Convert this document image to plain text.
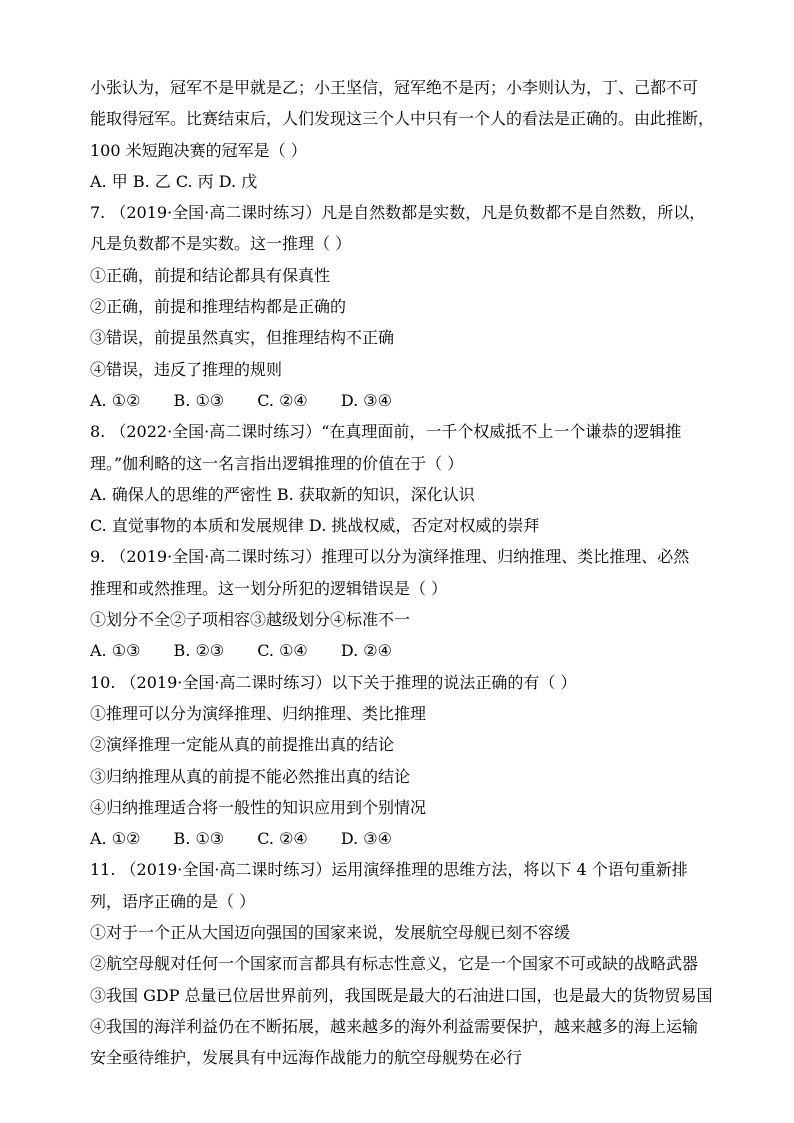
小张认为，冠军不是甲就是乙；小王坚信，冠军绝不是丙；小李则认为，丁、己都不可
能取得冠军。比赛结束后，人们发现这三个人中只有一个人的看法是正确的。由此推断，
100 米短跑决赛的冠军是（ ）
A. 甲 B. 乙 C. 丙 D. 戊
7. （2019·全国·高二课时练习）凡是自然数都是实数，凡是负数都不是自然数，所以，
凡是负数都不是实数。这一推理（ ）
①正确，前提和结论都具有保真性
②正确，前提和推理结构都是正确的
③错误，前提虽然真实，但推理结构不正确
④错误，违反了推理的规则
A. ①② B. ①③ C. ②④ D. ③④
8. （2022·全国·高二课时练习）“在真理面前，一千个权威抵不上一个谦恭的逻辑推
理。”伽利略的这一名言指出逻辑推理的价值在于（ ）
A. 确保人的思维的严密性 B. 获取新的知识，深化认识
C. 直觉事物的本质和发展规律 D. 挑战权威，否定对权威的崇拜
9. （2019·全国·高二课时练习）推理可以分为演绎推理、归纳推理、类比推理、必然
推理和或然推理。这一划分所犯的逻辑错误是（ ）
①划分不全②子项相容③越级划分④标准不一
A. ①③ B. ②③ C. ①④ D. ②④
10. （2019·全国·高二课时练习）以下关于推理的说法正确的有（ ）
①推理可以分为演绎推理、归纳推理、类比推理
②演绎推理一定能从真的前提推出真的结论
③归纳推理从真的前提不能必然推出真的结论
④归纳推理适合将一般性的知识应用到个别情况
A. ①② B. ①③ C. ②④ D. ③④
11. （2019·全国·高二课时练习）运用演绎推理的思维方法，将以下 4 个语句重新排
列，语序正确的是（ ）
①对于一个正从大国迈向强国的国家来说，发展航空母舰已刻不容缓
②航空母舰对任何一个国家而言都具有标志性意义，它是一个国家不可或缺的战略武器
③我国 GDP 总量已位居世界前列，我国既是最大的石油进口国，也是最大的货物贸易国
④我国的海洋利益仍在不断拓展，越来越多的海外利益需要保护，越来越多的海上运输
安全亟待维护，发展具有中远海作战能力的航空母舰势在必行
